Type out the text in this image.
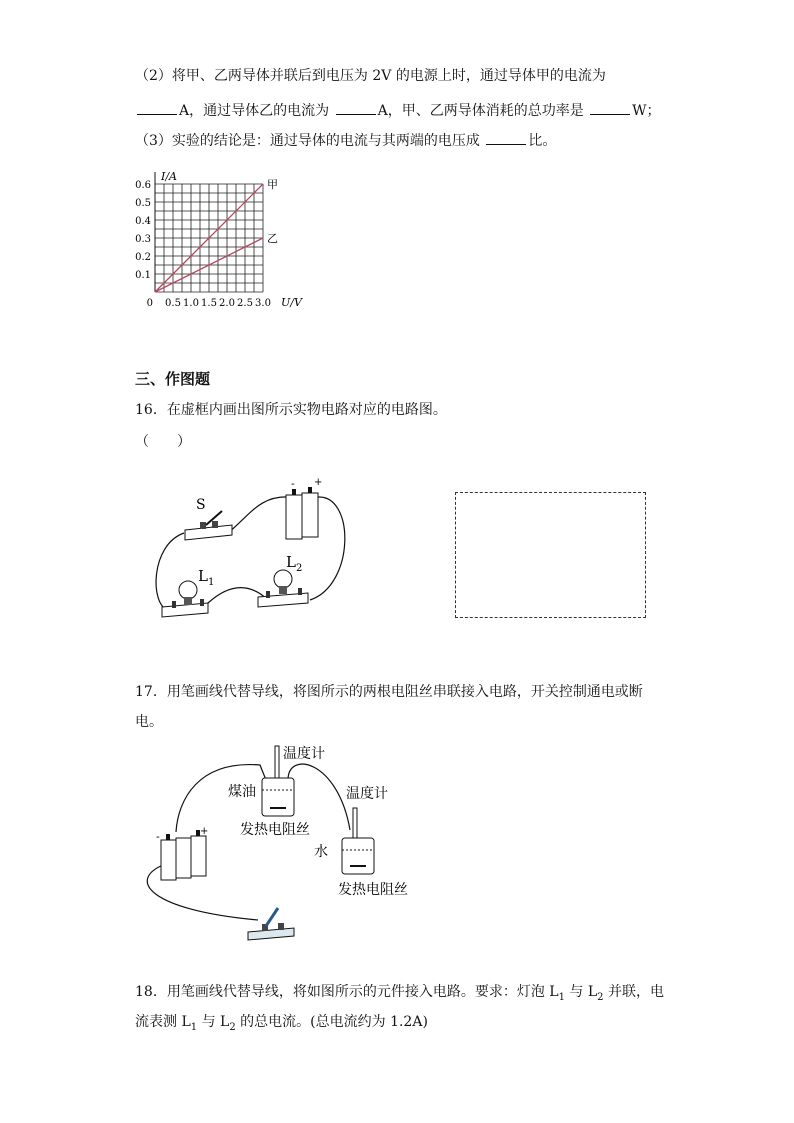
（2）将甲、乙两导体并联后到电压为 2V 的电源上时，通过导体甲的电流为
A，通过导体乙的电流为	A，甲、乙两导体消耗的总功率是	W；
（3）实验的结论是：通过导体的电流与其两端的电压成	比。
甲
乙
0.1
0.2
0.3
0.4
0.5
0.6
0.5 1.0 1.5 2.0 2.5 3.0
0
I/A
U/V
三、作图题
16．在虚框内画出图所示实物电路对应的电路图。
（　　）
S
- +
$L_1$
$L_2$
17．用笔画线代替导线，将图所示的两根电阻丝串联接入电路，开关控制通电或断
电。
温度计
煤油
发热电阻丝
温度计
水
发热电阻丝
-	+
18．用笔画线代替导线，将如图所示的元件接入电路。要求：灯泡 $L_1$ 与 $L_2$ 并联，电
流表测 $L_1$ 与 $L_2$ 的总电流。(总电流约为 1.2A)
